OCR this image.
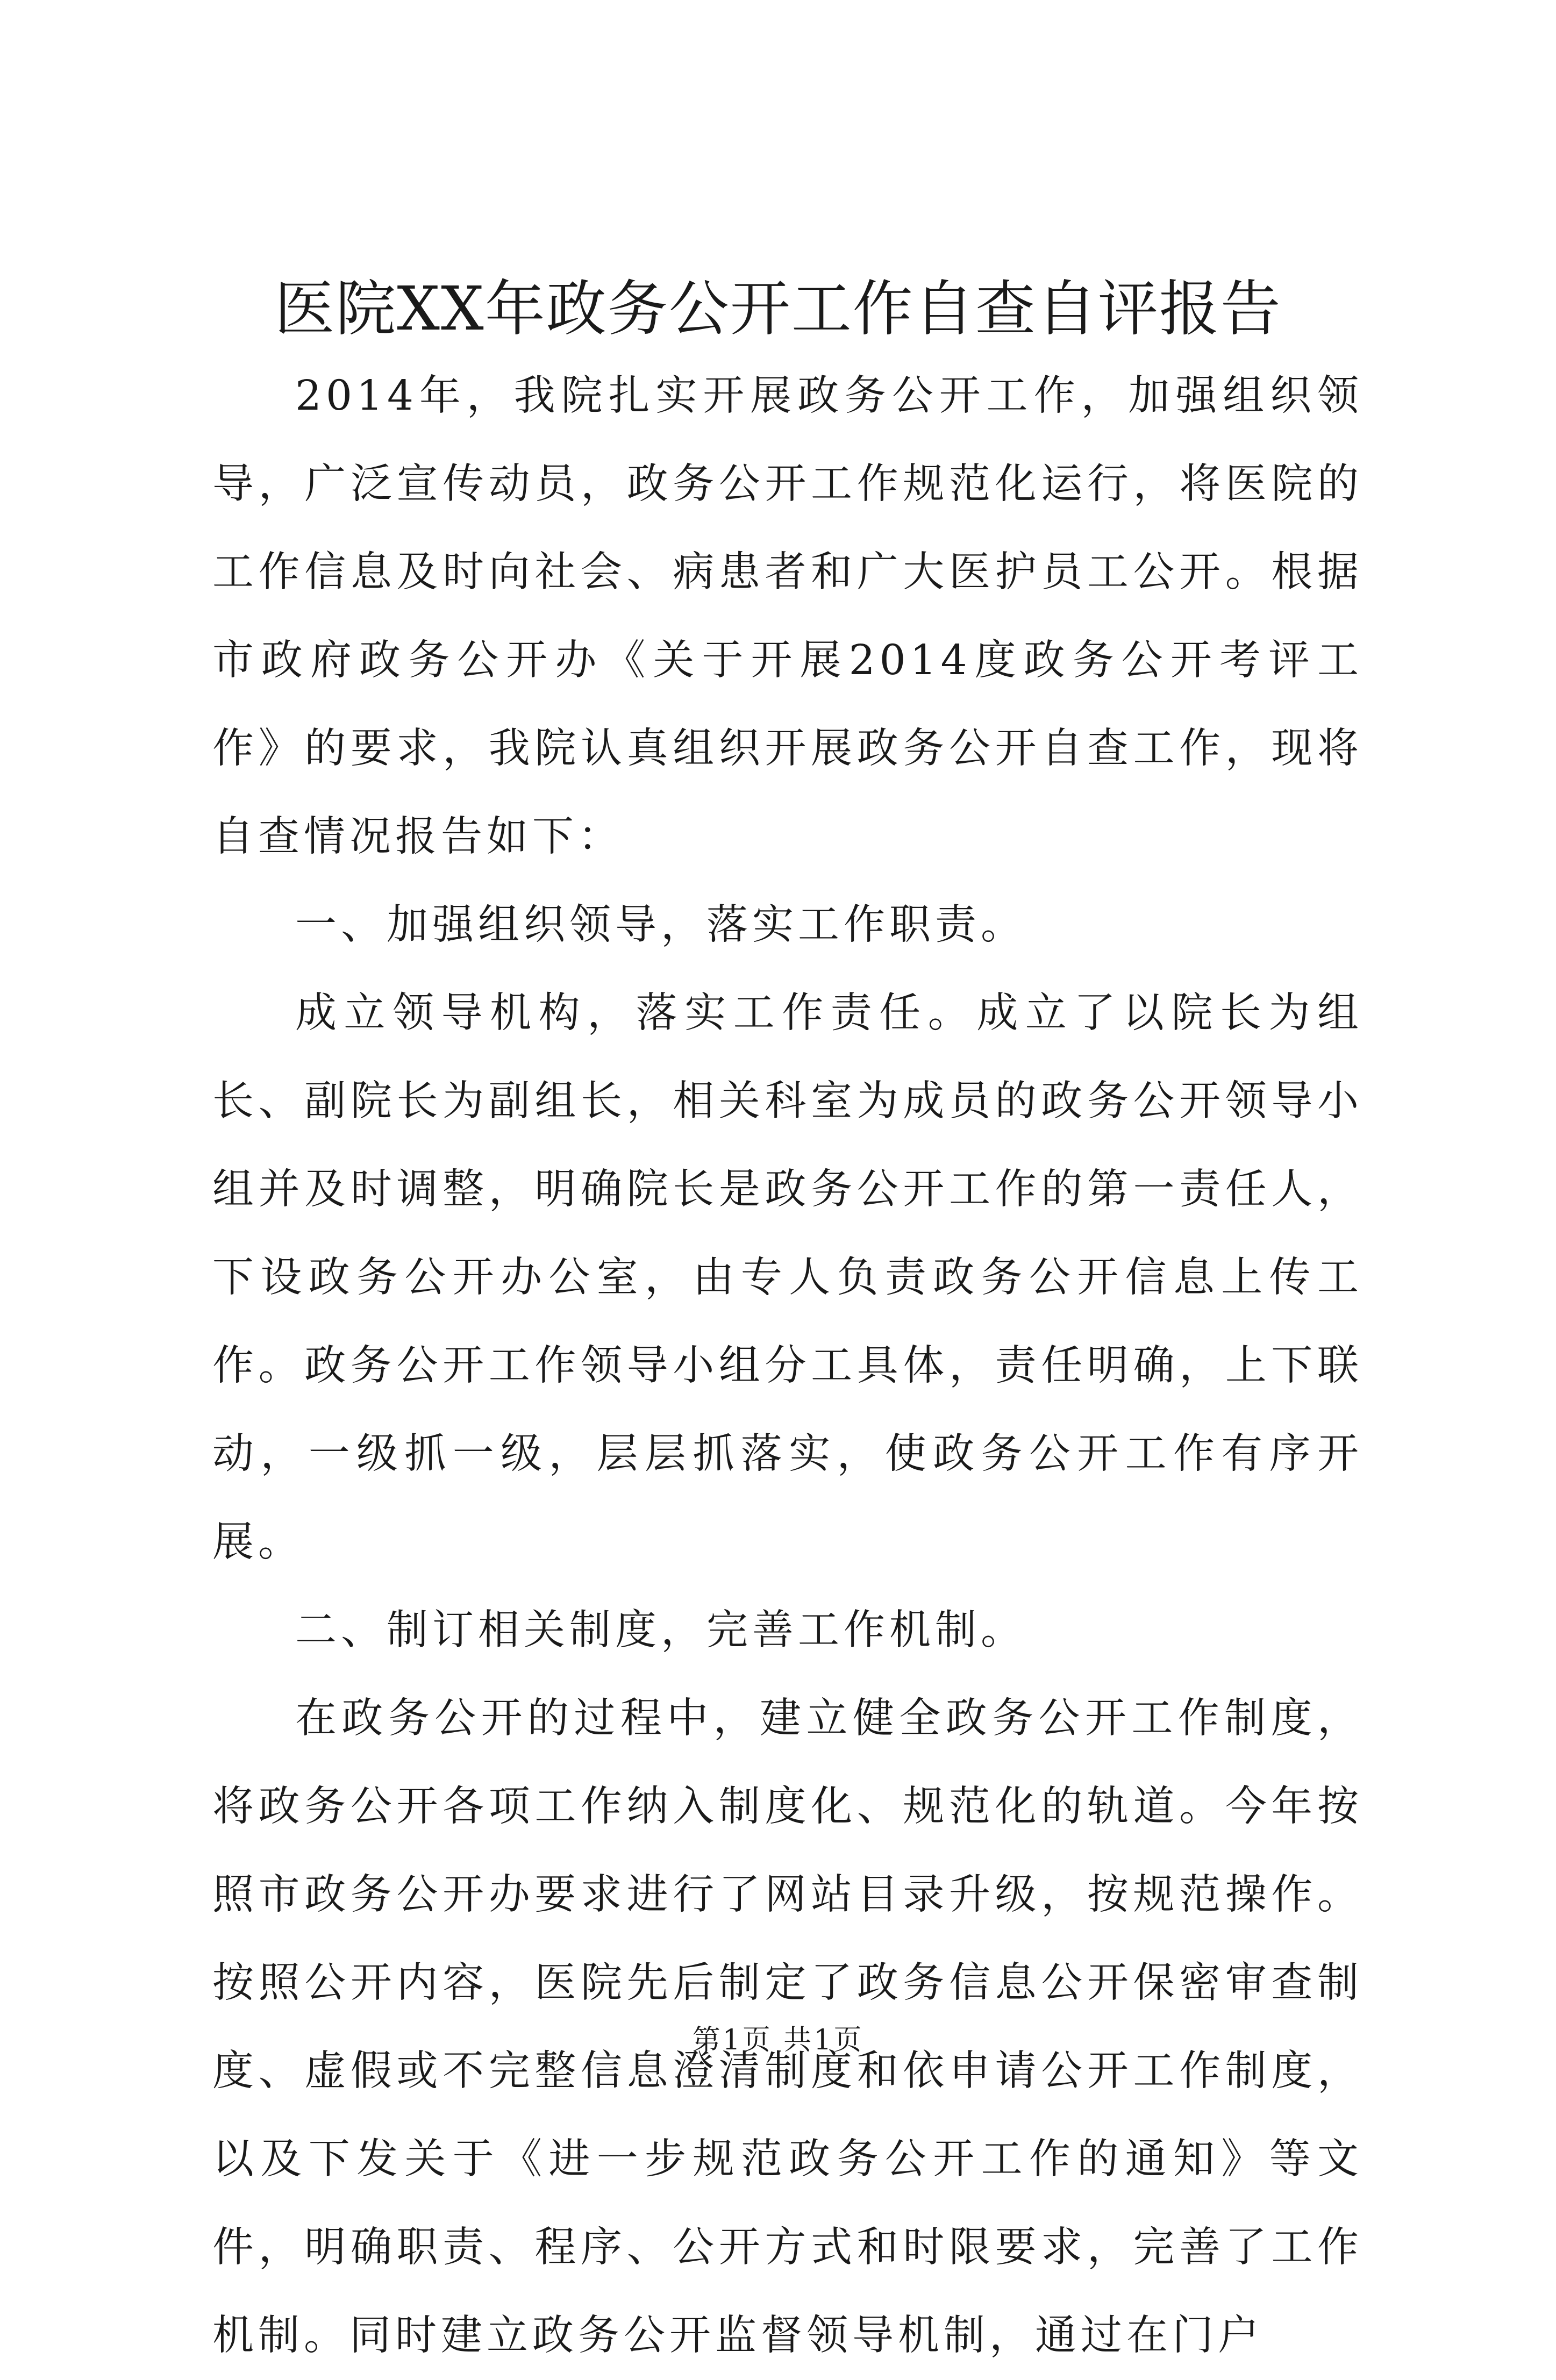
医院XX年政务公开工作自查自评报告

2014年，我院扎实开展政务公开工作，加强组织领导，广泛宣传动员，政务公开工作规范化运行，将医院的工作信息及时向社会、病患者和广大医护员工公开。根据市政府政务公开办《关于开展2014度政务公开考评工作》的要求，我院认真组织开展政务公开自查工作，现将自查情况报告如下：

一、加强组织领导，落实工作职责。

成立领导机构，落实工作责任。成立了以院长为组长、副院长为副组长，相关科室为成员的政务公开领导小组并及时调整，明确院长是政务公开工作的第一责任人，下设政务公开办公室，由专人负责政务公开信息上传工作。政务公开工作领导小组分工具体，责任明确，上下联动，一级抓一级，层层抓落实，使政务公开工作有序开展。

二、制订相关制度，完善工作机制。

在政务公开的过程中，建立健全政务公开工作制度，将政务公开各项工作纳入制度化、规范化的轨道。今年按照市政务公开办要求进行了网站目录升级，按规范操作。按照公开内容，医院先后制定了政务信息公开保密审查制度、虚假或不完整信息澄清制度和依申请公开工作制度，以及下发关于《进一步规范政务公开工作的通知》等文件，明确职责、程序、公开方式和时限要求，完善了工作机制。同时建立政务公开监督领导机制，通过在门户

第1页 共1页
